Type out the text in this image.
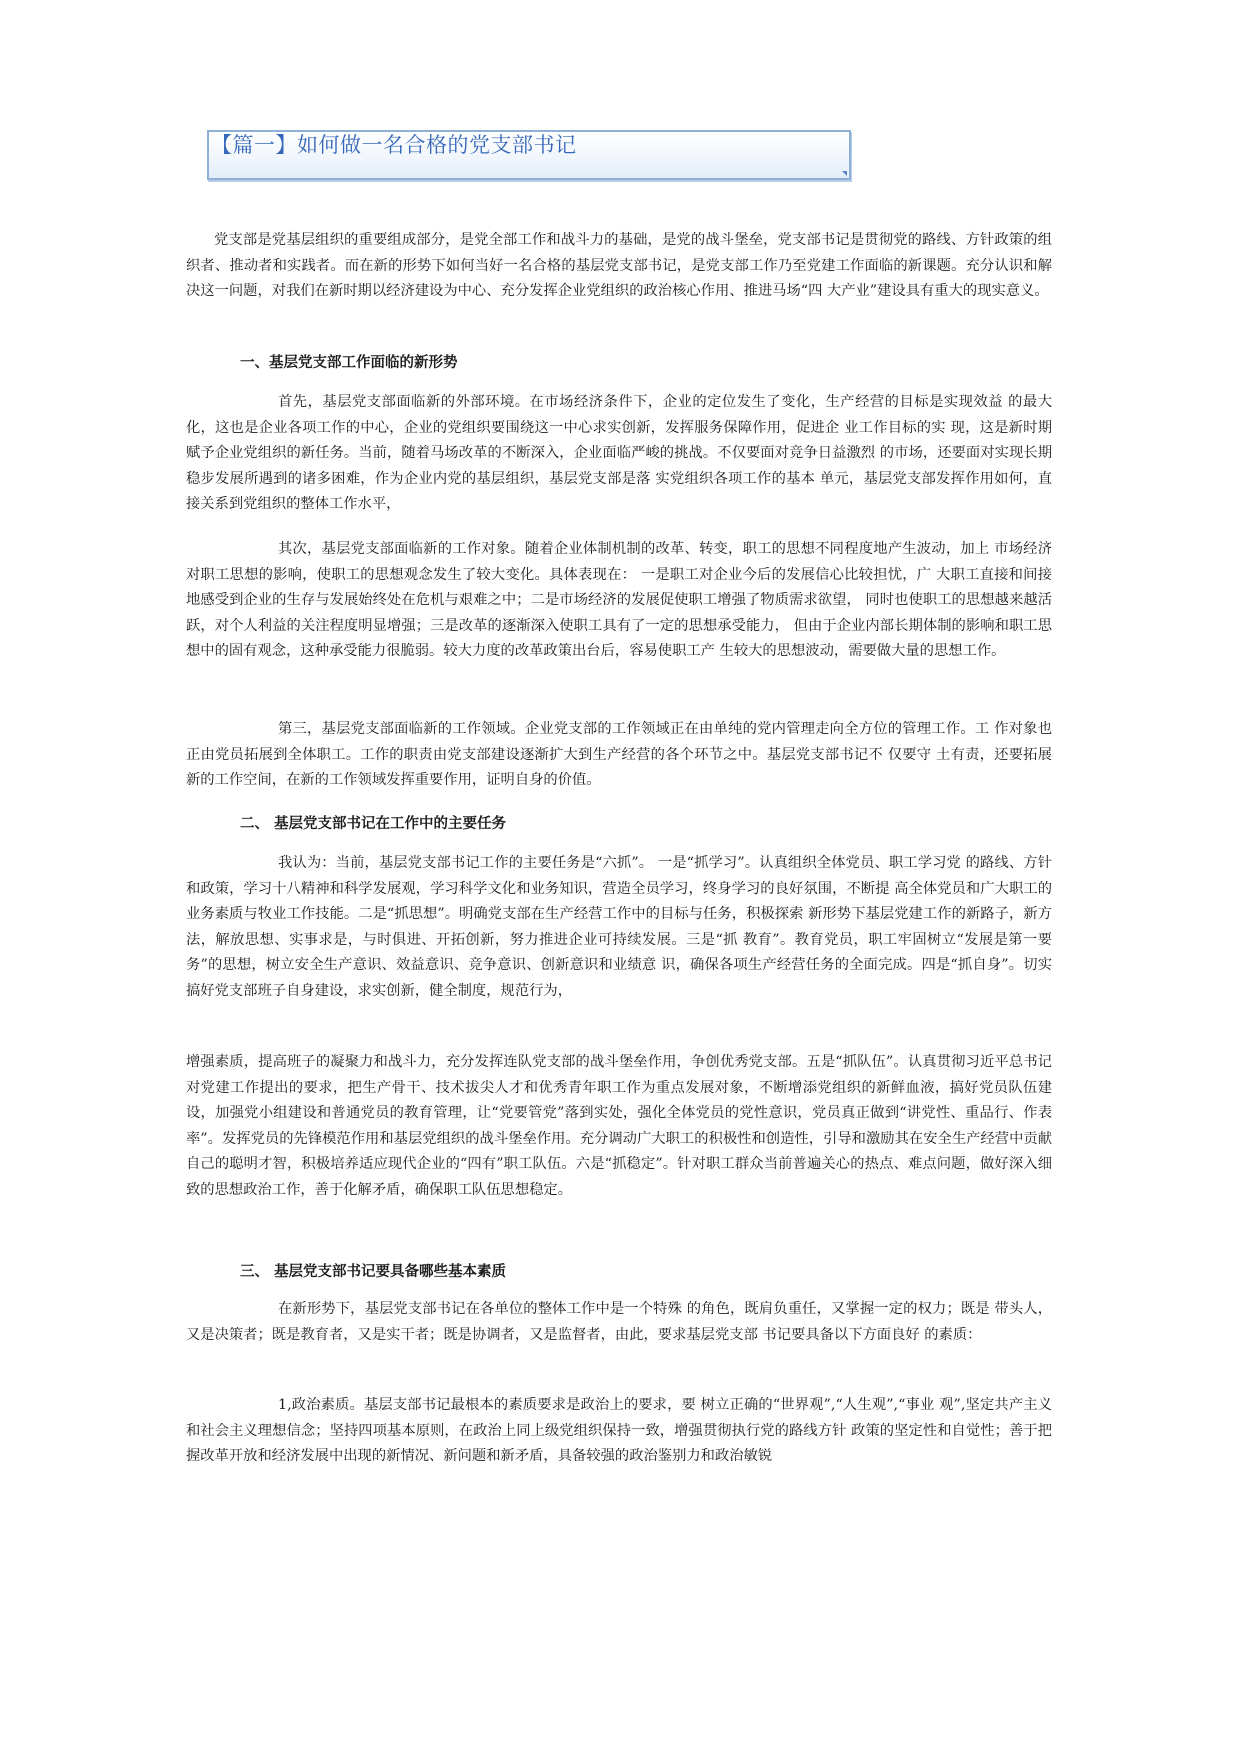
【篇一】如何做一名合格的党支部书记

党支部是党基层组织的重要组成部分，是党全部工作和战斗力的基础，是党的战斗堡垒，党支部书记是贯彻党的路线、方针政策的组织者、推动者和实践者。而在新的形势下如何当好一名合格的基层党支部书记，是党支部工作乃至党建工作面临的新课题。充分认识和解决这一问题，对我们在新时期以经济建设为中心、充分发挥企业党组织的政治核心作用、推进马场“四 大产业”建设具有重大的现实意义。

一、基层党支部工作面临的新形势

首先，基层党支部面临新的外部环境。在市场经济条件下，企业的定位发生了变化，生产经营的目标是实现效益 的最大化，这也是企业各项工作的中心，企业的党组织要围绕这一中心求实创新，发挥服务保障作用，促进企 业工作目标的实 现，这是新时期赋予企业党组织的新任务。当前，随着马场改革的不断深入，企业面临严峻的挑战。不仅要面对竞争日益激烈 的市场，还要面对实现长期稳步发展所遇到的诸多困难，作为企业内党的基层组织，基层党支部是落 实党组织各项工作的基本 单元，基层党支部发挥作用如何，直接关系到党组织的整体工作水平，

其次，基层党支部面临新的工作对象。随着企业体制机制的改革、转变，职工的思想不同程度地产生波动，加上 市场经济对职工思想的影响，使职工的思想观念发生了较大变化。具体表现在： 一是职工对企业今后的发展信心比较担忧，广 大职工直接和间接地感受到企业的生存与发展始终处在危机与艰难之中；二是市场经济的发展促使职工增强了物质需求欲望， 同时也使职工的思想越来越活跃，对个人利益的关注程度明显增强；三是改革的逐渐深入使职工具有了一定的思想承受能力， 但由于企业内部长期体制的影响和职工思想中的固有观念，这种承受能力很脆弱。较大力度的改革政策出台后，容易使职工产 生较大的思想波动，需要做大量的思想工作。

第三，基层党支部面临新的工作领域。企业党支部的工作领域正在由单纯的党内管理走向全方位的管理工作。工 作对象也正由党员拓展到全体职工。工作的职责由党支部建设逐渐扩大到生产经营的各个环节之中。基层党支部书记不 仅要守 土有责，还要拓展新的工作空间，在新的工作领域发挥重要作用，证明自身的价值。

二、 基层党支部书记在工作中的主要任务

我认为：当前，基层党支部书记工作的主要任务是“六抓”。 一是“抓学习”。认真组织全体党员、职工学习党 的路线、方针和政策，学习十八精神和科学发展观，学习科学文化和业务知识，营造全员学习，终身学习的良好氛围，不断提 高全体党员和广大职工的业务素质与牧业工作技能。二是“抓思想”。明确党支部在生产经营工作中的目标与任务，积极探索 新形势下基层党建工作的新路子，新方法，解放思想、实事求是，与时俱进、开拓创新，努力推进企业可持续发展。三是“抓 教育”。教育党员，职工牢固树立“发展是第一要务”的思想，树立安全生产意识、效益意识、竞争意识、创新意识和业绩意 识，确保各项生产经营任务的全面完成。四是“抓自身”。切实搞好党支部班子自身建设，求实创新，健全制度，规范行为，

增强素质，提高班子的凝聚力和战斗力，充分发挥连队党支部的战斗堡垒作用，争创优秀党支部。五是“抓队伍”。认真贯彻习近平总书记对党建工作提出的要求，把生产骨干、技术拔尖人才和优秀青年职工作为重点发展对象，不断增添党组织的新鲜血液，搞好党员队伍建设，加强党小组建设和普通党员的教育管理，让“党要管党”落到实处，强化全体党员的党性意识，党员真正做到“讲党性、重品行、作表率”。发挥党员的先锋模范作用和基层党组织的战斗堡垒作用。充分调动广大职工的积极性和创造性，引导和激励其在安全生产经营中贡献自己的聪明才智，积极培养适应现代企业的“四有”职工队伍。六是“抓稳定”。针对职工群众当前普遍关心的热点、难点问题，做好深入细致的思想政治工作，善于化解矛盾，确保职工队伍思想稳定。

三、 基层党支部书记要具备哪些基本素质

在新形势下，基层党支部书记在各单位的整体工作中是一个特殊 的角色，既肩负重任，又掌握一定的权力；既是 带头人，又是决策者；既是教育者，又是实干者；既是协调者，又是监督者，由此，要求基层党支部 书记要具备以下方面良好 的素质：

1,政治素质。基层支部书记最根本的素质要求是政治上的要求，要 树立正确的“世界观”,“人生观”,“事业 观”,坚定共产主义和社会主义理想信念；坚持四项基本原则，在政治上同上级党组织保持一致，增强贯彻执行党的路线方针 政策的坚定性和自觉性；善于把握改革开放和经济发展中出现的新情况、新问题和新矛盾，具备较强的政治鉴别力和政治敏锐
